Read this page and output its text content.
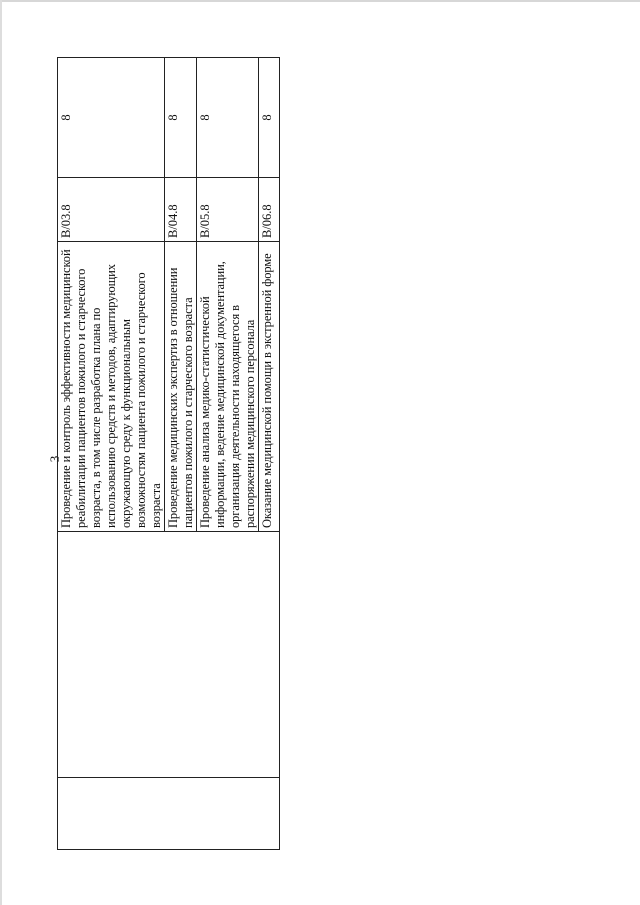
3

		Проведение и контроль эффективности медицинской реабилитации пациентов пожилого и старческого возраста, в том числе разработка плана по использованию средств и методов, адаптирующих окружающую среду к функциональным возможностям пациента пожилого и старческого возраста	B/03.8	8

		Проведение медицинских экспертиз в отношении пациентов пожилого и старческого возраста	B/04.8	8

		Проведение анализа медико-статистической информации, ведение медицинской документации, организация деятельности находящегося в распоряжении медицинского персонала	B/05.8	8

		Оказание медицинской помощи в экстренной форме	B/06.8	8
